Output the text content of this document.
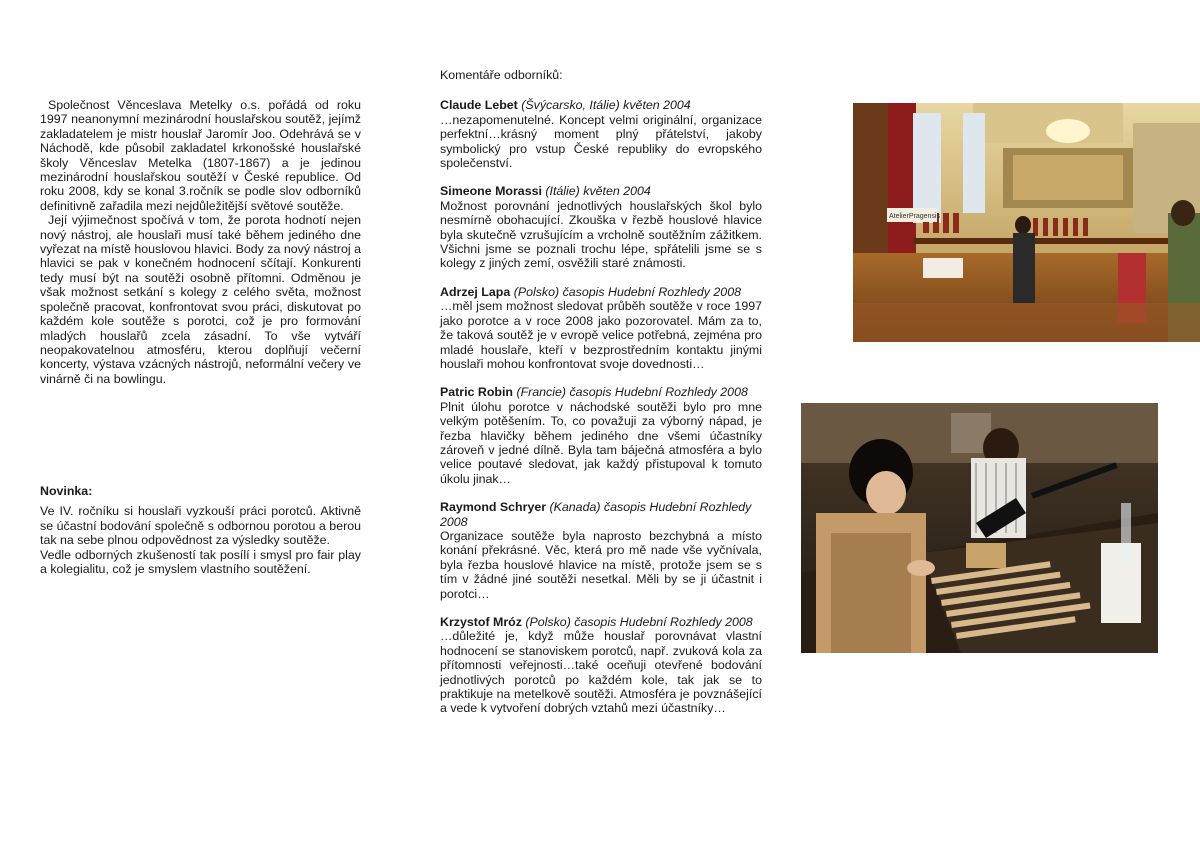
Společnost Věnceslava Metelky o.s. pořádá od roku 1997 neanonymní mezinárodní houslařskou soutěž, jejímž zakladatelem je mistr houslař Jaromír Joo. Odehrává se v Náchodě, kde působil zakladatel krkonošské houslařské školy Věnceslav Metelka (1807-1867) a je jedinou mezinárodní houslařskou soutěží v České republice. Od roku 2008, kdy se konal 3.ročník se podle slov odborníků definitivně zařadila mezi nejdůležitější světové soutěže.

Její výjimečnost spočívá v tom, že porota hodnotí nejen nový nástroj, ale houslaři musí také během jediného dne vyřezat na místě houslovou hlavici. Body za nový nástroj a hlavici se pak v konečném hodnocení sčítají. Konkurenti tedy musí být na soutěži osobně přítomni. Odměnou je však možnost setkání s kolegy z celého světa, možnost společně pracovat, konfrontovat svou práci, diskutovat po každém kole soutěže s porotci, což je pro formování mladých houslařů zcela zásadní. To vše vytváří neopakovatelnou atmosféru, kterou doplňují večerní koncerty, výstava vzácných nástrojů, neformální večery ve vinárně či na bowlingu.

Novinka:

Ve IV. ročníku si houslaři vyzkouší práci porotců. Aktivně se účastní bodování společně s odbornou porotou a berou tak na sebe plnou odpovědnost za výsledky soutěže.

Vedle odborných zkušeností tak posílí i smysl pro fair play a kolegialitu, což je smyslem vlastního soutěžení.

Komentáře odborníků:

Claude Lebet (Švýcarsko, Itálie) květen 2004

…nezapomenutelné. Koncept velmi originální, organizace perfektní…krásný moment plný přátelství, jakoby symbolický pro vstup České republiky do evropského společenství.

Simeone Morassi (Itálie) květen 2004

Možnost porovnání jednotlivých houslařských škol bylo nesmírně obohacující. Zkouška v řezbě houslové hlavice byla skutečně vzrušujícím a vrcholně soutěžním zážitkem. Všichni jsme se poznali trochu lépe, spřátelili jsme se s kolegy z jiných zemí, osvěžili staré známosti.

Adrzej Lapa (Polsko) časopis Hudební Rozhledy 2008

…měl jsem možnost sledovat průběh soutěže v roce 1997 jako porotce a v roce 2008 jako pozorovatel. Mám za to, že taková soutěž je v evropě velice potřebná, zejména pro mladé houslaře, kteří v bezprostředním kontaktu jinými houslaři mohou konfrontovat svoje dovednosti…

Patric Robin (Francie) časopis Hudební Rozhledy 2008

Plnit úlohu porotce v náchodské soutěži bylo pro mne velkým potěšením. To, co považuji za výborný nápad, je řezba hlavičky během jediného dne všemi účastníky zároveň v jedné dílně. Byla tam báječná atmosféra a bylo velice poutavé sledovat, jak každý přistupoval k tomuto úkolu jinak…

Raymond Schryer (Kanada) časopis Hudební Rozhledy 2008

Organizace soutěže byla naprosto bezchybná a místo konání překrásné. Věc, která pro mě nade vše vyčnívala, byla řezba houslové hlavice na místě, protože jsem se s tím v žádné jiné soutěži nesetkal. Měli by se ji účastnit i porotci…

Krzystof Mróz (Polsko) časopis Hudební Rozhledy 2008

…důležité je, když může houslař porovnávat vlastní hodnocení se stanoviskem porotců, např. zvuková kola za přítomnosti veřejnosti…také oceňuji otevřené bodování jednotlivých porotců po každém kole, tak jak se to praktikuje na metelkově soutěži. Atmosféra je povznášející a vede k vytvoření dobrých vztahů mezi účastníky…

AtelierPragensis
